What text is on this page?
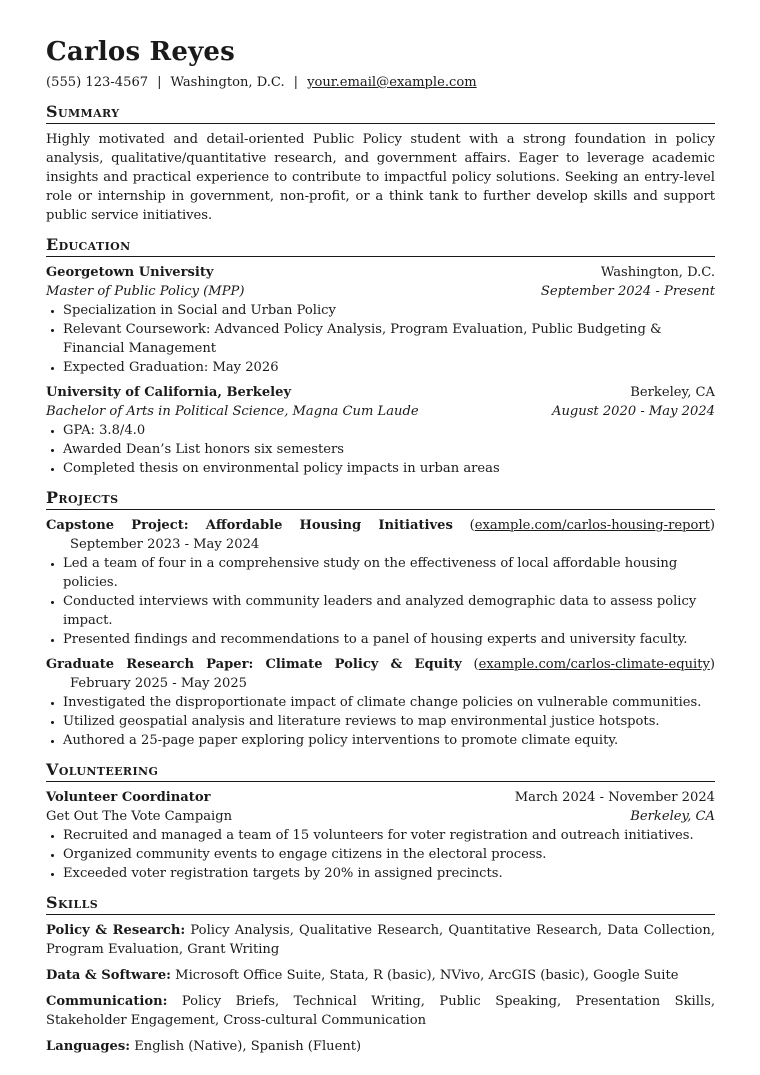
Carlos Reyes
(555) 123-4567 | Washington, D.C. | your.email@example.com
Summary

Highly motivated and detail-oriented Public Policy student with a strong foundation in policy analysis, qualitative/quantitative research, and government affairs. Eager to leverage academic insights and practical experience to contribute to impactful policy solutions. Seeking an entry-level role or internship in government, non-profit, or a think tank to further develop skills and support public service initiatives.

Education
Georgetown University	Washington, D.C.
Master of Public Policy (MPP)	September 2024 - Present
• Specialization in Social and Urban Policy
• Relevant Coursework: Advanced Policy Analysis, Program Evaluation, Public Budgeting & Financial Management
• Expected Graduation: May 2026
University of California, Berkeley	Berkeley, CA
Bachelor of Arts in Political Science, Magna Cum Laude	August 2020 - May 2024
• GPA: 3.8/4.0
• Awarded Dean’s List honors six semesters
• Completed thesis on environmental policy impacts in urban areas
Projects
Capstone Project: Affordable Housing Initiatives (example.com/carlos-housing-report) September 2023 - May 2024
• Led a team of four in a comprehensive study on the effectiveness of local affordable housing policies.
• Conducted interviews with community leaders and analyzed demographic data to assess policy impact.
• Presented findings and recommendations to a panel of housing experts and university faculty.
Graduate Research Paper: Climate Policy & Equity (example.com/carlos-climate-equity) February 2025 - May 2025
• Investigated the disproportionate impact of climate change policies on vulnerable communities.
• Utilized geospatial analysis and literature reviews to map environmental justice hotspots.
• Authored a 25-page paper exploring policy interventions to promote climate equity.
Volunteering
Volunteer Coordinator	March 2024 - November 2024
Get Out The Vote Campaign	Berkeley, CA
• Recruited and managed a team of 15 volunteers for voter registration and outreach initiatives.
• Organized community events to engage citizens in the electoral process.
• Exceeded voter registration targets by 20% in assigned precincts.
Skills

Policy & Research: Policy Analysis, Qualitative Research, Quantitative Research, Data Collection, Program Evaluation, Grant Writing

Data & Software: Microsoft Office Suite, Stata, R (basic), NVivo, ArcGIS (basic), Google Suite

Communication: Policy Briefs, Technical Writing, Public Speaking, Presentation Skills, Stakeholder Engagement, Cross-cultural Communication

Languages: English (Native), Spanish (Fluent)
